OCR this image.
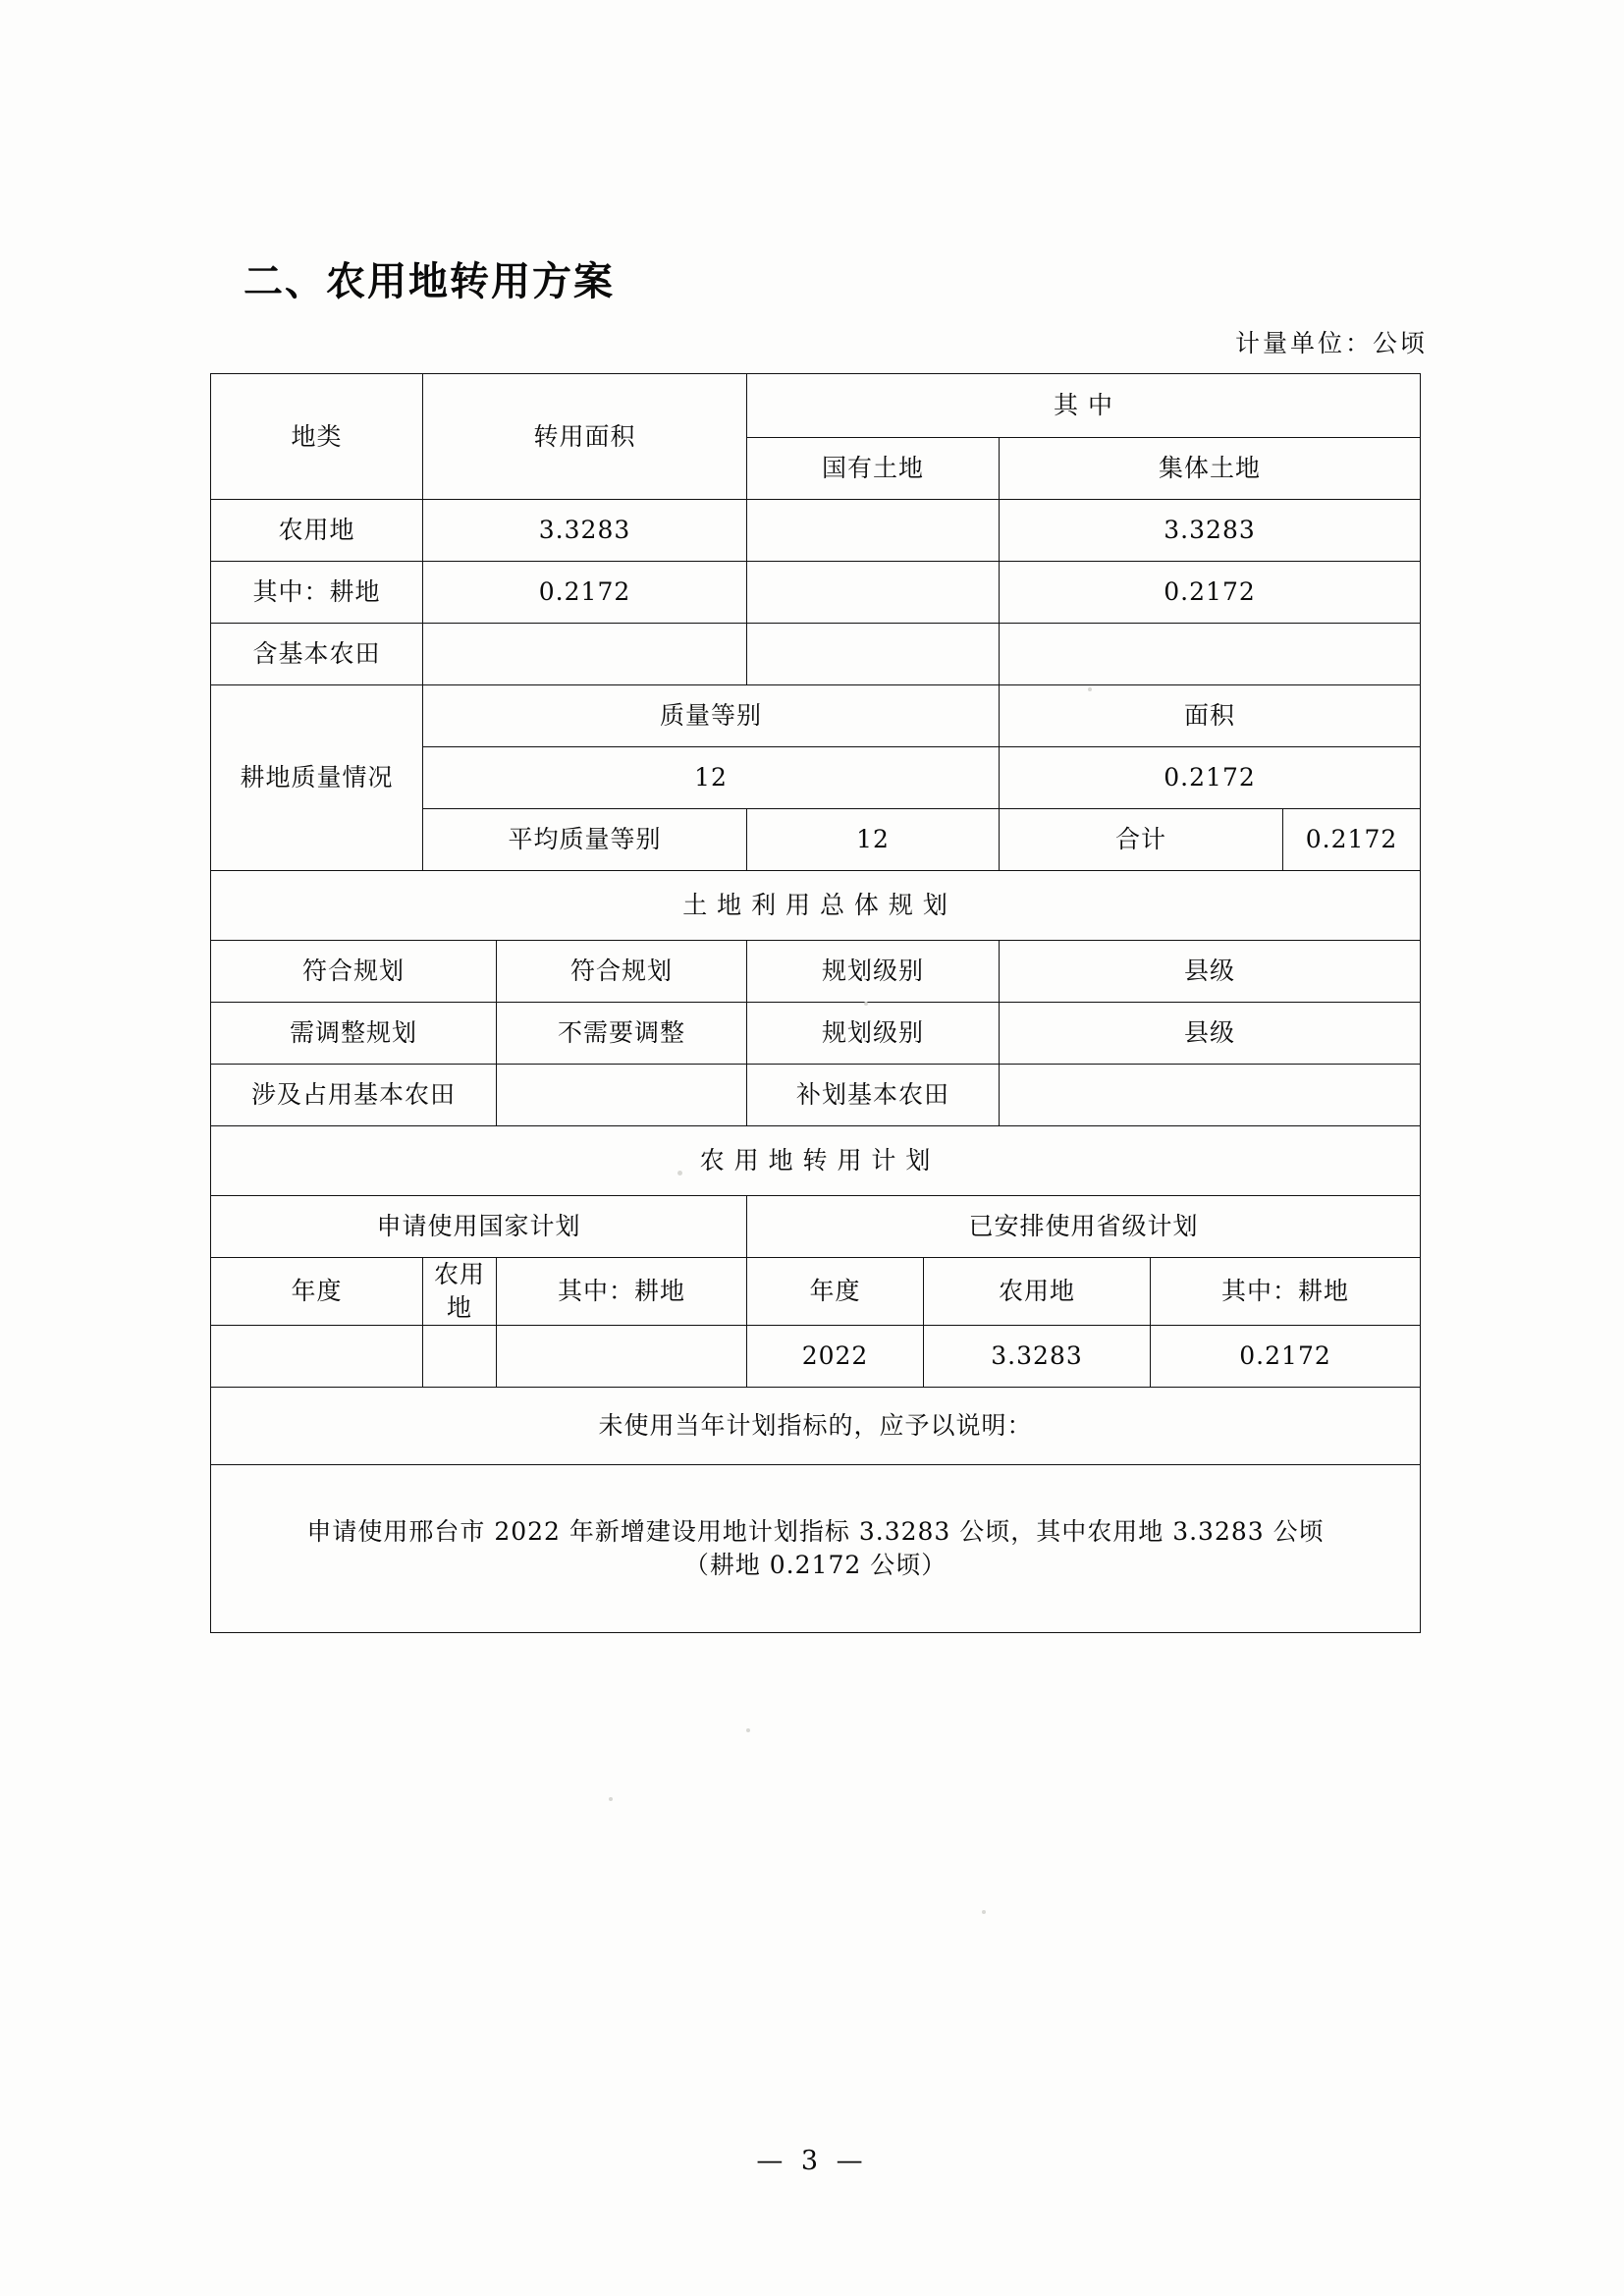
二、农用地转用方案
计量单位：公顷
地类	转用面积		其 中				
			国有土地		集体土地		
农用地	3.3283				3.3283		
其中：耕地	0.2172				0.2172		
含基本农田							
耕地质量情况	质量等别				面积		
	12				0.2172		
	平均质量等别		12		合计		0.2172
土 地 利 用 总 体 规 划							
符合规划		符合规划	规划级别		县级		
需调整规划		不需要调整	规划级别		县级		
涉及占用基本农田			补划基本农田				
农 用 地 转 用 计 划							
申请使用国家计划			已安排使用省级计划				
年度	农用地	其中：耕地	年度	农用地		其中：耕地	
			2022	3.3283		0.2172	
未使用当年计划指标的，应予以说明：							

申请使用邢台市 2022 年新增建设用地计划指标 3.3283 公顷，其中农用地 3.3283 公顷
（耕地 0.2172 公顷）							
— 3 —
